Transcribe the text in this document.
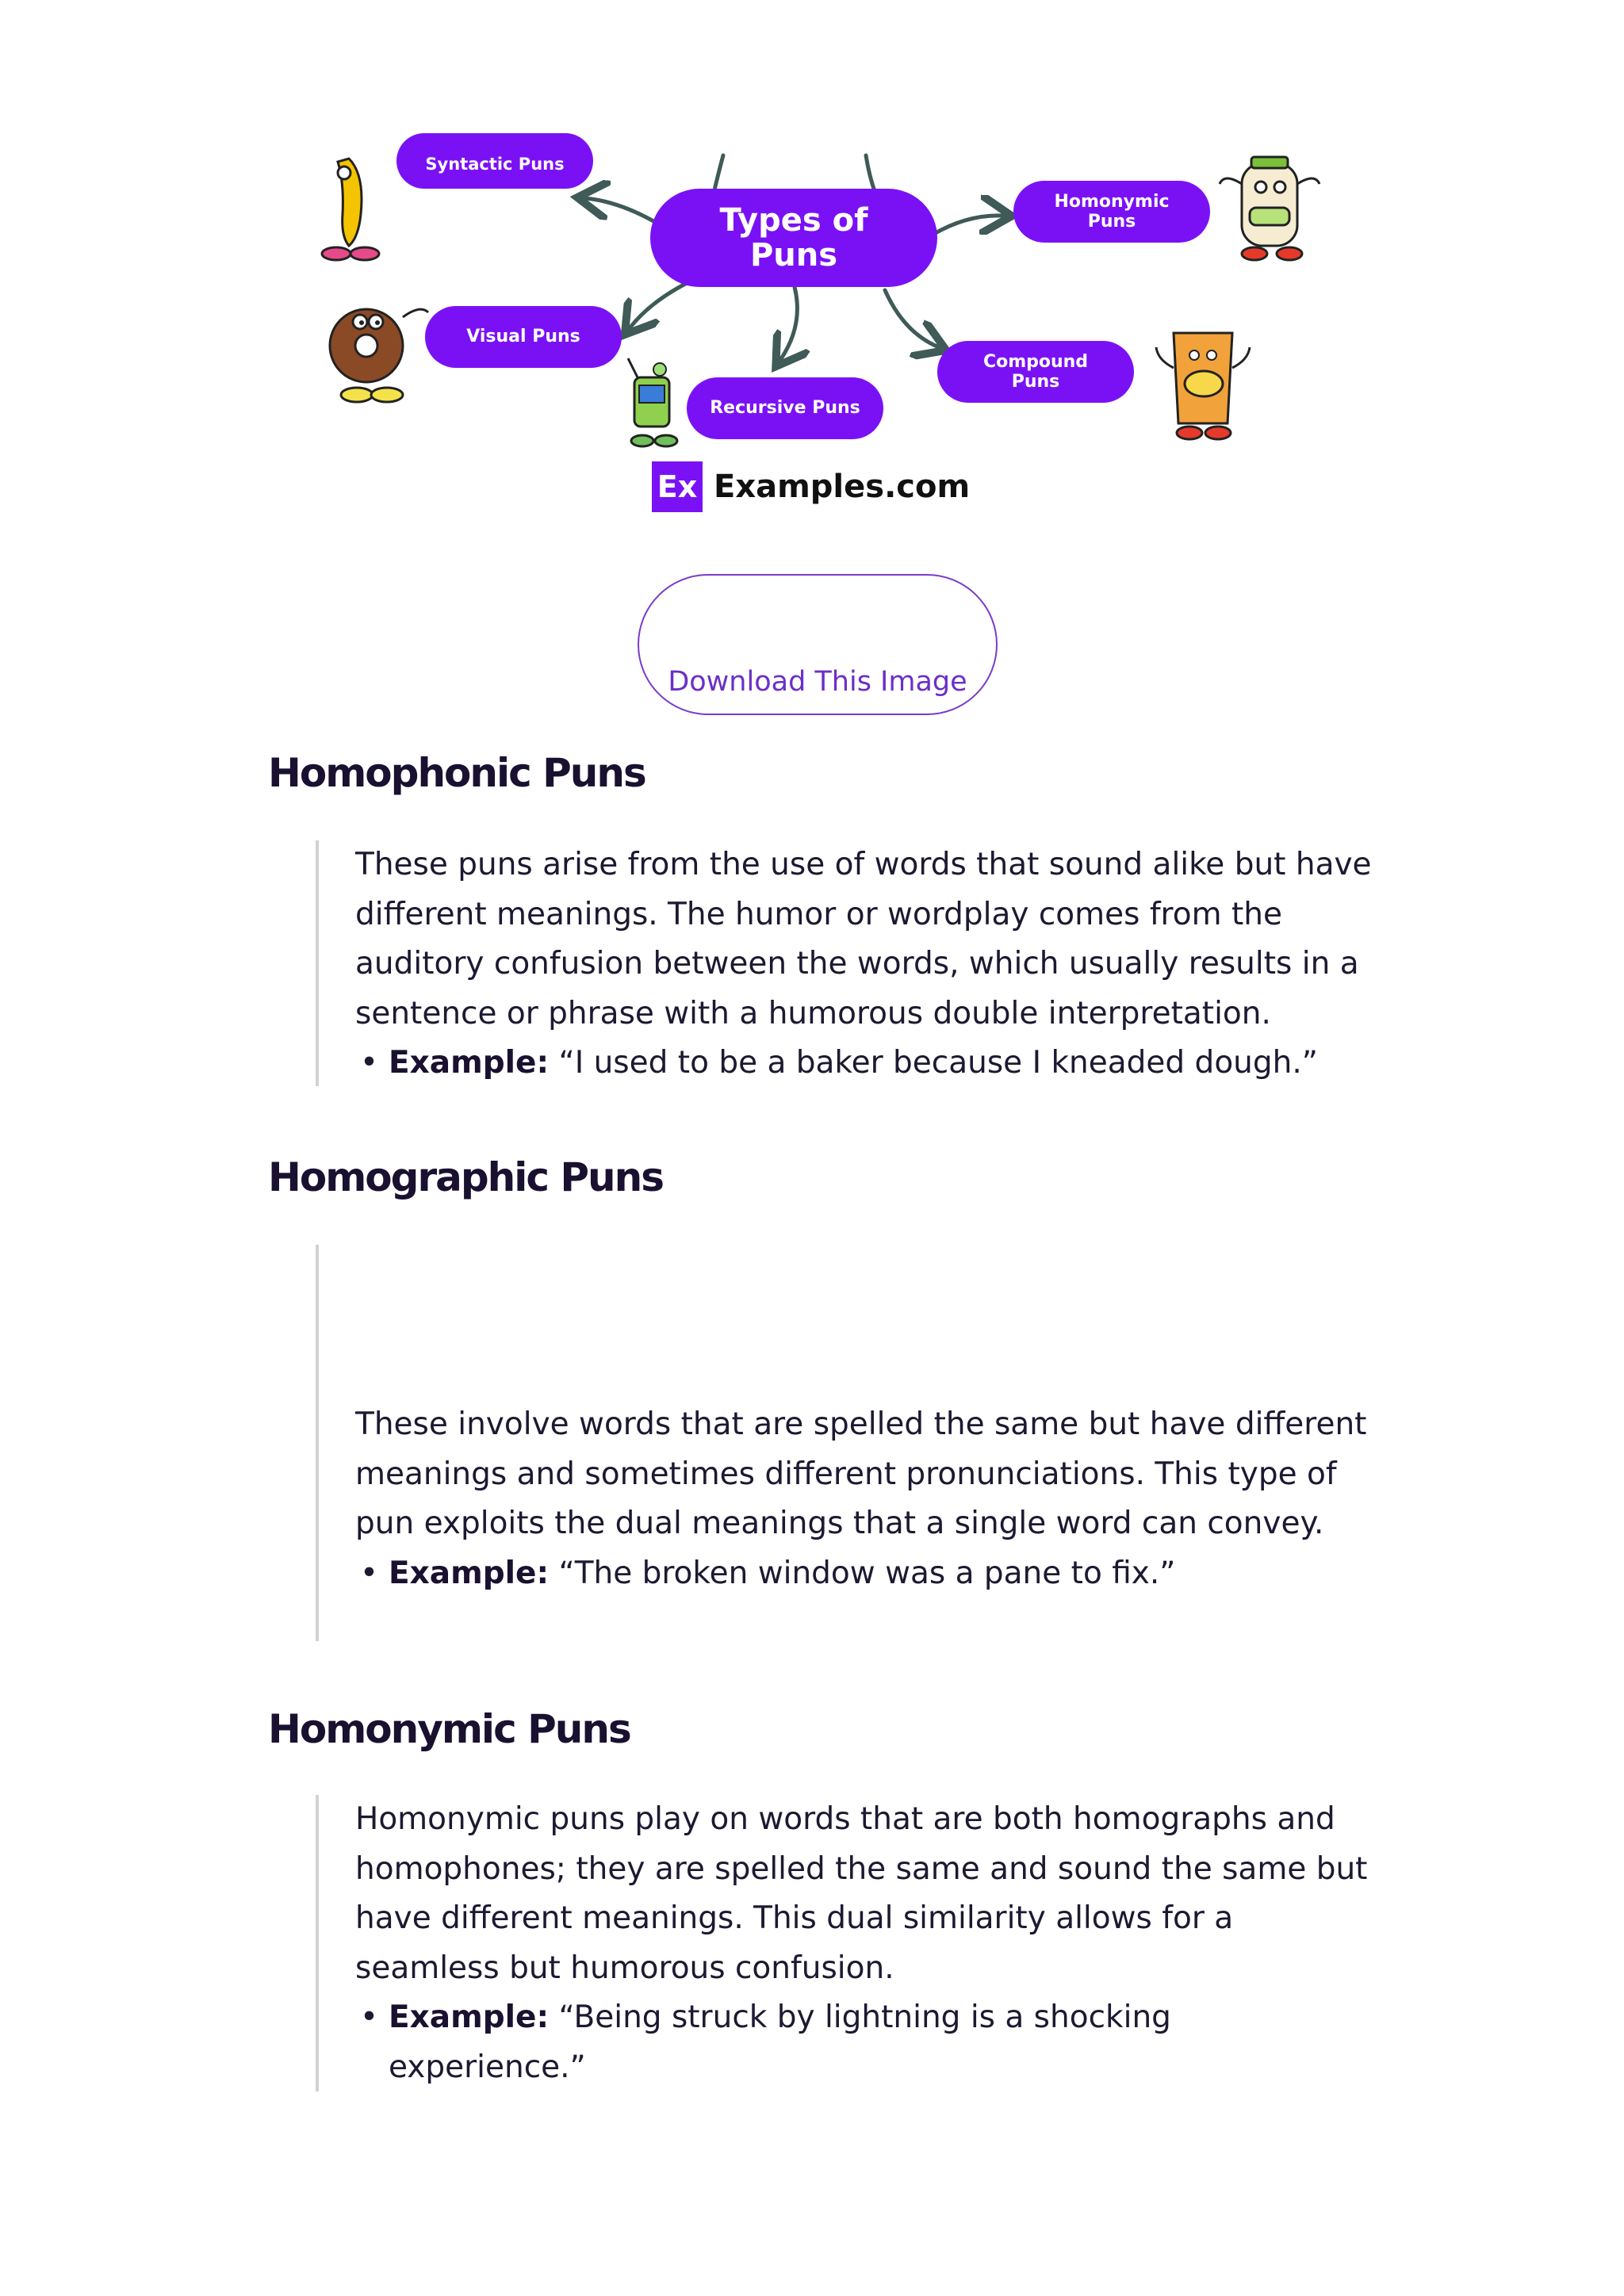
Types of Puns
Syntactic Puns
Homonymic Puns
Visual Puns
Recursive Puns
Compound Puns
Ex Examples.com
Download This Image
Homophonic Puns

These puns arise from the use of words that sound alike but have different meanings. The humor or wordplay comes from the auditory confusion between the words, which usually results in a sentence or phrase with a humorous double interpretation.

• Example: “I used to be a baker because I kneaded dough.”
Homographic Puns

These involve words that are spelled the same but have different meanings and sometimes different pronunciations. This type of pun exploits the dual meanings that a single word can convey.

• Example: “The broken window was a pane to fix.”
Homonymic Puns

Homonymic puns play on words that are both homographs and homophones; they are spelled the same and sound the same but have different meanings. This dual similarity allows for a seamless but humorous confusion.

• Example: “Being struck by lightning is a shocking experience.”
